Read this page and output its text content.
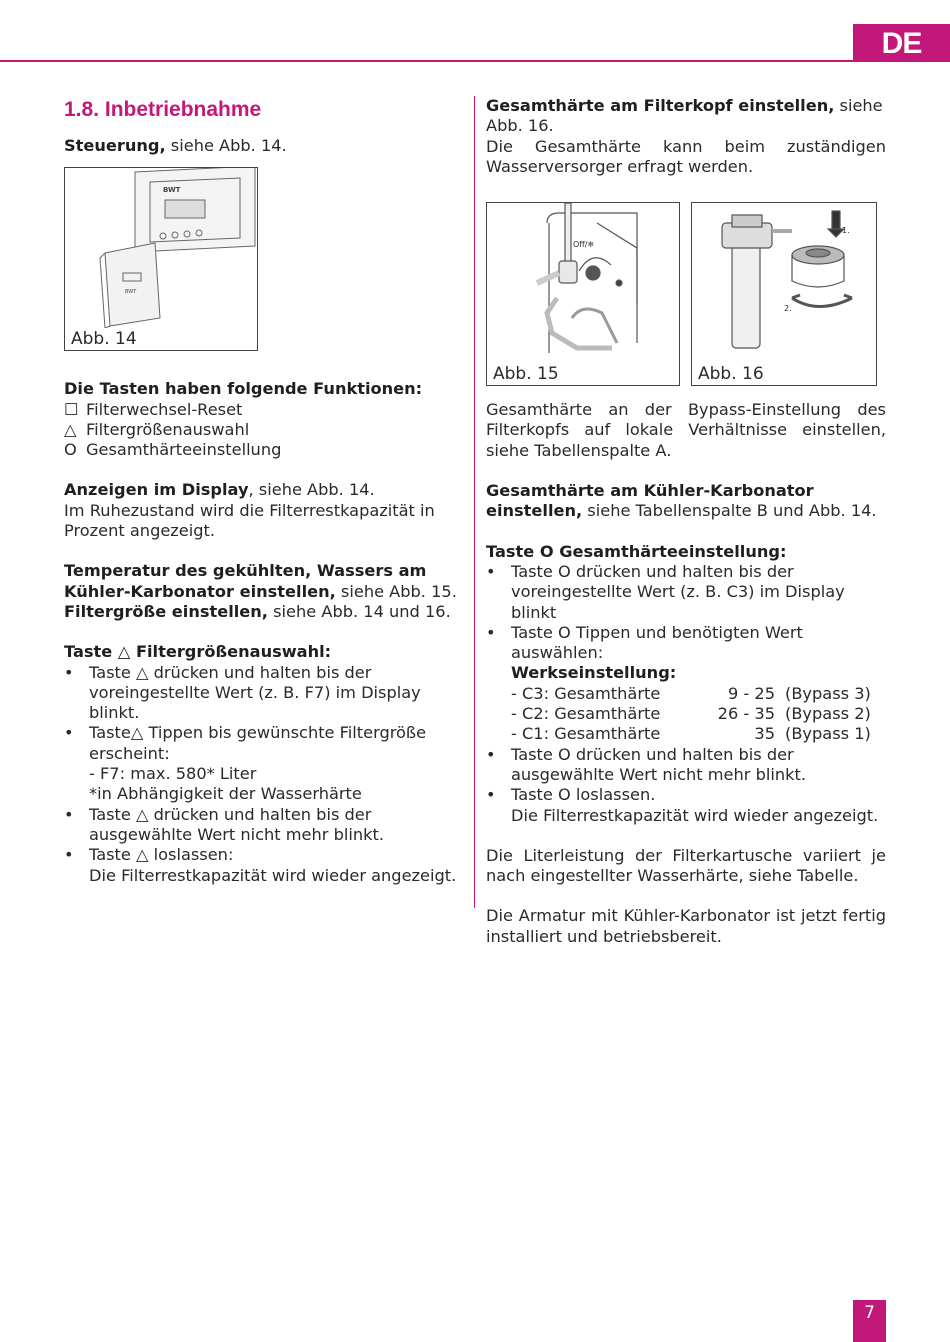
DE
1.8. Inbetriebnahme

Steuerung, siehe Abb. 14.

BWT
BWT
Abb. 14

Die Tasten haben folgende Funktionen:

☐ Filterwechsel-Reset

△ Filtergrößenauswahl

O Gesamthärteeinstellung

Anzeigen im Display, siehe Abb. 14.

Im Ruhezustand wird die Filterrestkapazität in Prozent angezeigt.

Temperatur des gekühlten, Wassers am Kühler-Karbonator einstellen, siehe Abb. 15.

Filtergröße einstellen, siehe Abb. 14 und 16.

Taste △ Filtergrößenauswahl:

• Taste △ drücken und halten bis der voreingestellte Wert (z. B. F7) im Display blinkt.
• Taste△ Tippen bis gewünschte Filtergröße erscheint:

- F7: max. 580* Liter

*in Abhängigkeit der Wasserhärte

• Taste △ drücken und halten bis der ausgewählte Wert nicht mehr blinkt.
• Taste △ loslassen:

Die Filterrestkapazität wird wieder angezeigt.

Gesamthärte am Filterkopf einstellen, siehe Abb. 16.

Die Gesamthärte kann beim zuständigen Wasserversorger erfragt werden.

Off/❄
Abb. 15
1.
2.
Abb. 16

Gesamthärte an der Bypass-Einstellung des Filterkopfs auf lokale Verhältnisse einstellen, siehe Tabellenspalte A.

Gesamthärte am Kühler-Karbonator einstellen, siehe Tabellenspalte B und Abb. 14.

Taste O Gesamthärteeinstellung:

• Taste O drücken und halten bis der voreingestellte Wert (z. B. C3) im Display blinkt
• Taste O Tippen und benötigten Wert auswählen:

Werkseinstellung:

- C3: Gesamthärte	9 - 25 (Bypass 3)
- C2: Gesamthärte	26 - 35 (Bypass 2)
- C1: Gesamthärte	35 (Bypass 1)
• Taste O drücken und halten bis der ausgewählte Wert nicht mehr blinkt.
• Taste O loslassen.

Die Filterrestkapazität wird wieder angezeigt.

Die Literleistung der Filterkartusche variiert je nach eingestellter Wasserhärte, siehe Tabelle.

Die Armatur mit Kühler-Karbonator ist jetzt fertig installiert und betriebsbereit.

7
